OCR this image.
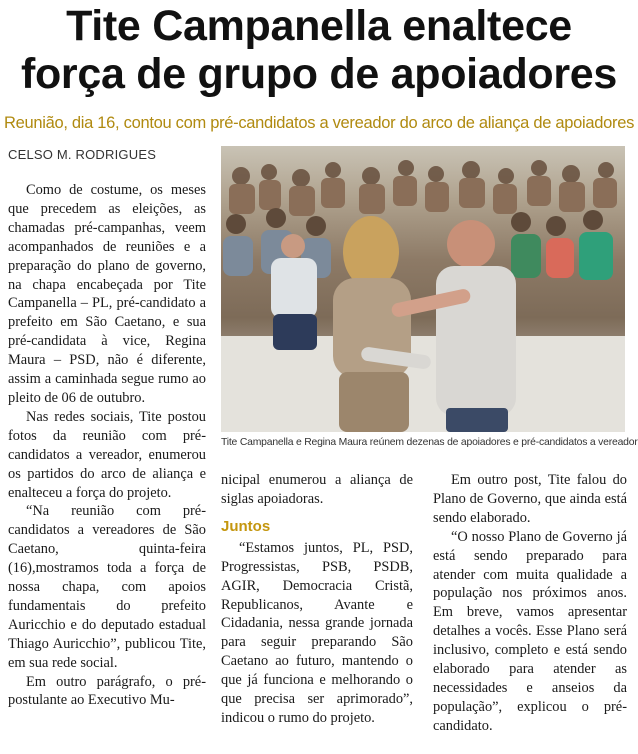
Tite Campanella enaltece
força de grupo de apoiadores
Reunião, dia 16, contou com pré-candidatos a vereador do arco de aliança de apoiadores
CELSO M. RODRIGUES
Tite Campanella e Regina Maura reúnem dezenas de apoiadores e pré-candidatos a vereador

Como de costume, os meses que precedem as eleições, as chamadas pré-campanhas, veem acompanhados de reuniões e a preparação do plano de governo, na chapa encabeçada por Tite Campanella – PL, pré-candidato a prefeito em São Caetano, e sua pré-candidata à vice, Regina Maura – PSD, não é diferente, assim a caminhada segue rumo ao pleito de 06 de outubro.

Nas redes sociais, Tite postou fotos da reunião com pré-candidatos a vereador, enumerou os partidos do arco de aliança e enalteceu a força do projeto.

“Na reunião com pré-candidatos a vereadores de São Caetano, quinta-feira (16),mostramos toda a força de nossa chapa, com apoios fundamentais do prefeito Auricchio e do deputado estadual Thiago Auricchio”, publicou Tite, em sua rede social.

Em outro parágrafo, o pré-postulante ao Executivo Mu-

nicipal enumerou a aliança de siglas apoiadoras.

Juntos

“Estamos juntos, PL, PSD, Progressistas, PSB, PSDB, AGIR, Democracia Cristã, Republicanos, Avante e Cidadania, nessa grande jornada para seguir preparando São Caetano ao futuro, mantendo o que já funciona e melhorando o que precisa ser aprimorado”, indicou o rumo do projeto.

Em outro post, Tite falou do Plano de Governo, que ainda está sendo elaborado.

“O nosso Plano de Governo já está sendo preparado para atender com muita qualidade a população nos próximos anos. Em breve, vamos apresentar detalhes a vocês. Esse Plano será inclusivo, completo e está sendo elaborado para atender as necessidades e anseios da população”, explicou o pré-candidato.
